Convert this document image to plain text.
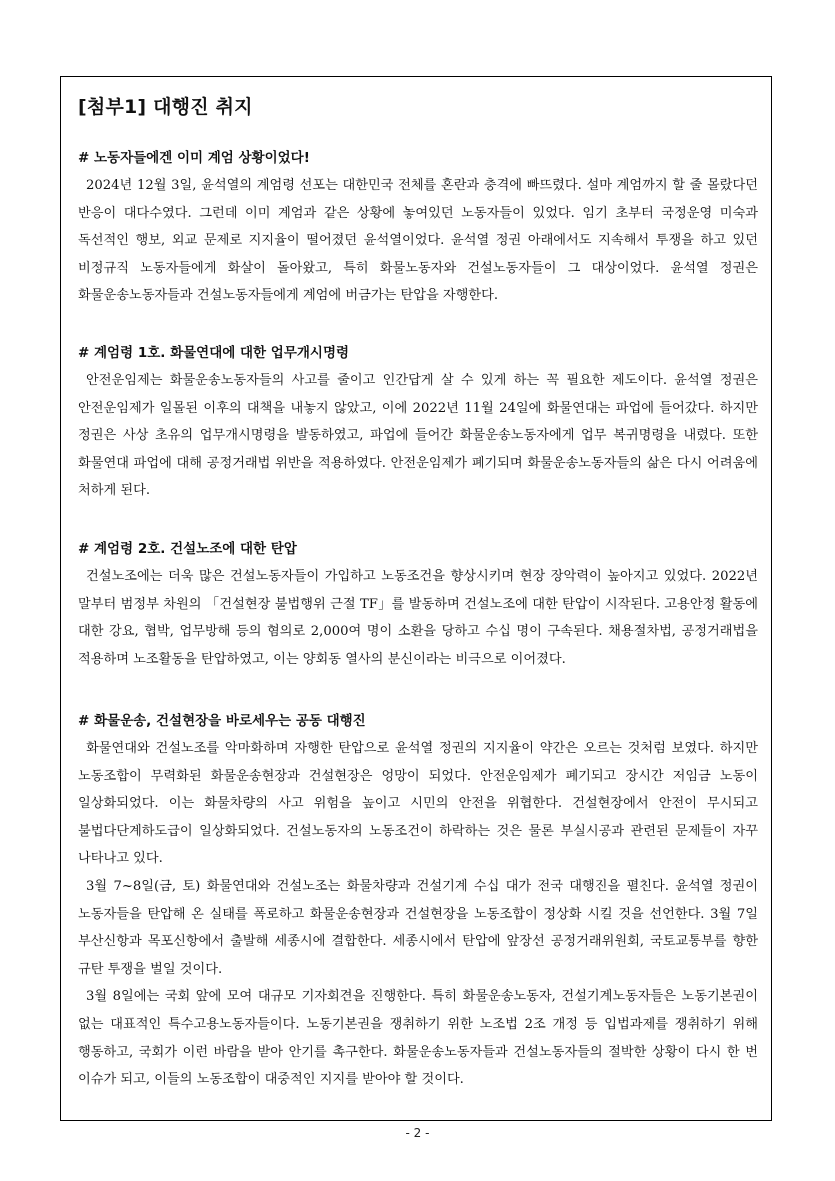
[첨부1] 대행진 취지
# 노동자들에겐 이미 계엄 상황이었다!

2024년 12월 3일, 윤석열의 계엄령 선포는 대한민국 전체를 혼란과 충격에 빠뜨렸다. 설마 계엄까지 할 줄 몰랐다던 반응이 대다수였다. 그런데 이미 계엄과 같은 상황에 놓여있던 노동자들이 있었다. 임기 초부터 국정운영 미숙과 독선적인 행보, 외교 문제로 지지율이 떨어졌던 윤석열이었다. 윤석열 정권 아래에서도 지속해서 투쟁을 하고 있던 비정규직 노동자들에게 화살이 돌아왔고, 특히 화물노동자와 건설노동자들이 그 대상이었다. 윤석열 정권은 화물운송노동자들과 건설노동자들에게 계엄에 버금가는 탄압을 자행한다.

# 계엄령 1호. 화물연대에 대한 업무개시명령

안전운임제는 화물운송노동자들의 사고를 줄이고 인간답게 살 수 있게 하는 꼭 필요한 제도이다. 윤석열 정권은 안전운임제가 일몰된 이후의 대책을 내놓지 않았고, 이에 2022년 11월 24일에 화물연대는 파업에 들어갔다. 하지만 정권은 사상 초유의 업무개시명령을 발동하였고, 파업에 들어간 화물운송노동자에게 업무 복귀명령을 내렸다. 또한 화물연대 파업에 대해 공정거래법 위반을 적용하였다. 안전운임제가 폐기되며 화물운송노동자들의 삶은 다시 어려움에 처하게 된다.

# 계엄령 2호. 건설노조에 대한 탄압

건설노조에는 더욱 많은 건설노동자들이 가입하고 노동조건을 향상시키며 현장 장악력이 높아지고 있었다. 2022년 말부터 범정부 차원의 「건설현장 불법행위 근절 TF」를 발동하며 건설노조에 대한 탄압이 시작된다. 고용안정 활동에 대한 강요, 협박, 업무방해 등의 혐의로 2,000여 명이 소환을 당하고 수십 명이 구속된다. 채용절차법, 공정거래법을 적용하며 노조활동을 탄압하였고, 이는 양회동 열사의 분신이라는 비극으로 이어졌다.

# 화물운송, 건설현장을 바로세우는 공동 대행진

화물연대와 건설노조를 악마화하며 자행한 탄압으로 윤석열 정권의 지지율이 약간은 오르는 것처럼 보였다. 하지만 노동조합이 무력화된 화물운송현장과 건설현장은 엉망이 되었다. 안전운임제가 폐기되고 장시간 저임금 노동이 일상화되었다. 이는 화물차량의 사고 위험을 높이고 시민의 안전을 위협한다. 건설현장에서 안전이 무시되고 불법다단계하도급이 일상화되었다. 건설노동자의 노동조건이 하락하는 것은 물론 부실시공과 관련된 문제들이 자꾸 나타나고 있다.

3월 7~8일(금, 토) 화물연대와 건설노조는 화물차량과 건설기계 수십 대가 전국 대행진을 펼친다. 윤석열 정권이 노동자들을 탄압해 온 실태를 폭로하고 화물운송현장과 건설현장을 노동조합이 정상화 시킬 것을 선언한다. 3월 7일 부산신항과 목포신항에서 출발해 세종시에 결합한다. 세종시에서 탄압에 앞장선 공정거래위원회, 국토교통부를 향한 규탄 투쟁을 벌일 것이다.

3월 8일에는 국회 앞에 모여 대규모 기자회견을 진행한다. 특히 화물운송노동자, 건설기계노동자들은 노동기본권이 없는 대표적인 특수고용노동자들이다. 노동기본권을 쟁취하기 위한 노조법 2조 개정 등 입법과제를 쟁취하기 위해 행동하고, 국회가 이런 바람을 받아 안기를 촉구한다. 화물운송노동자들과 건설노동자들의 절박한 상황이 다시 한 번 이슈가 되고, 이들의 노동조합이 대중적인 지지를 받아야 할 것이다.

- 2 -
